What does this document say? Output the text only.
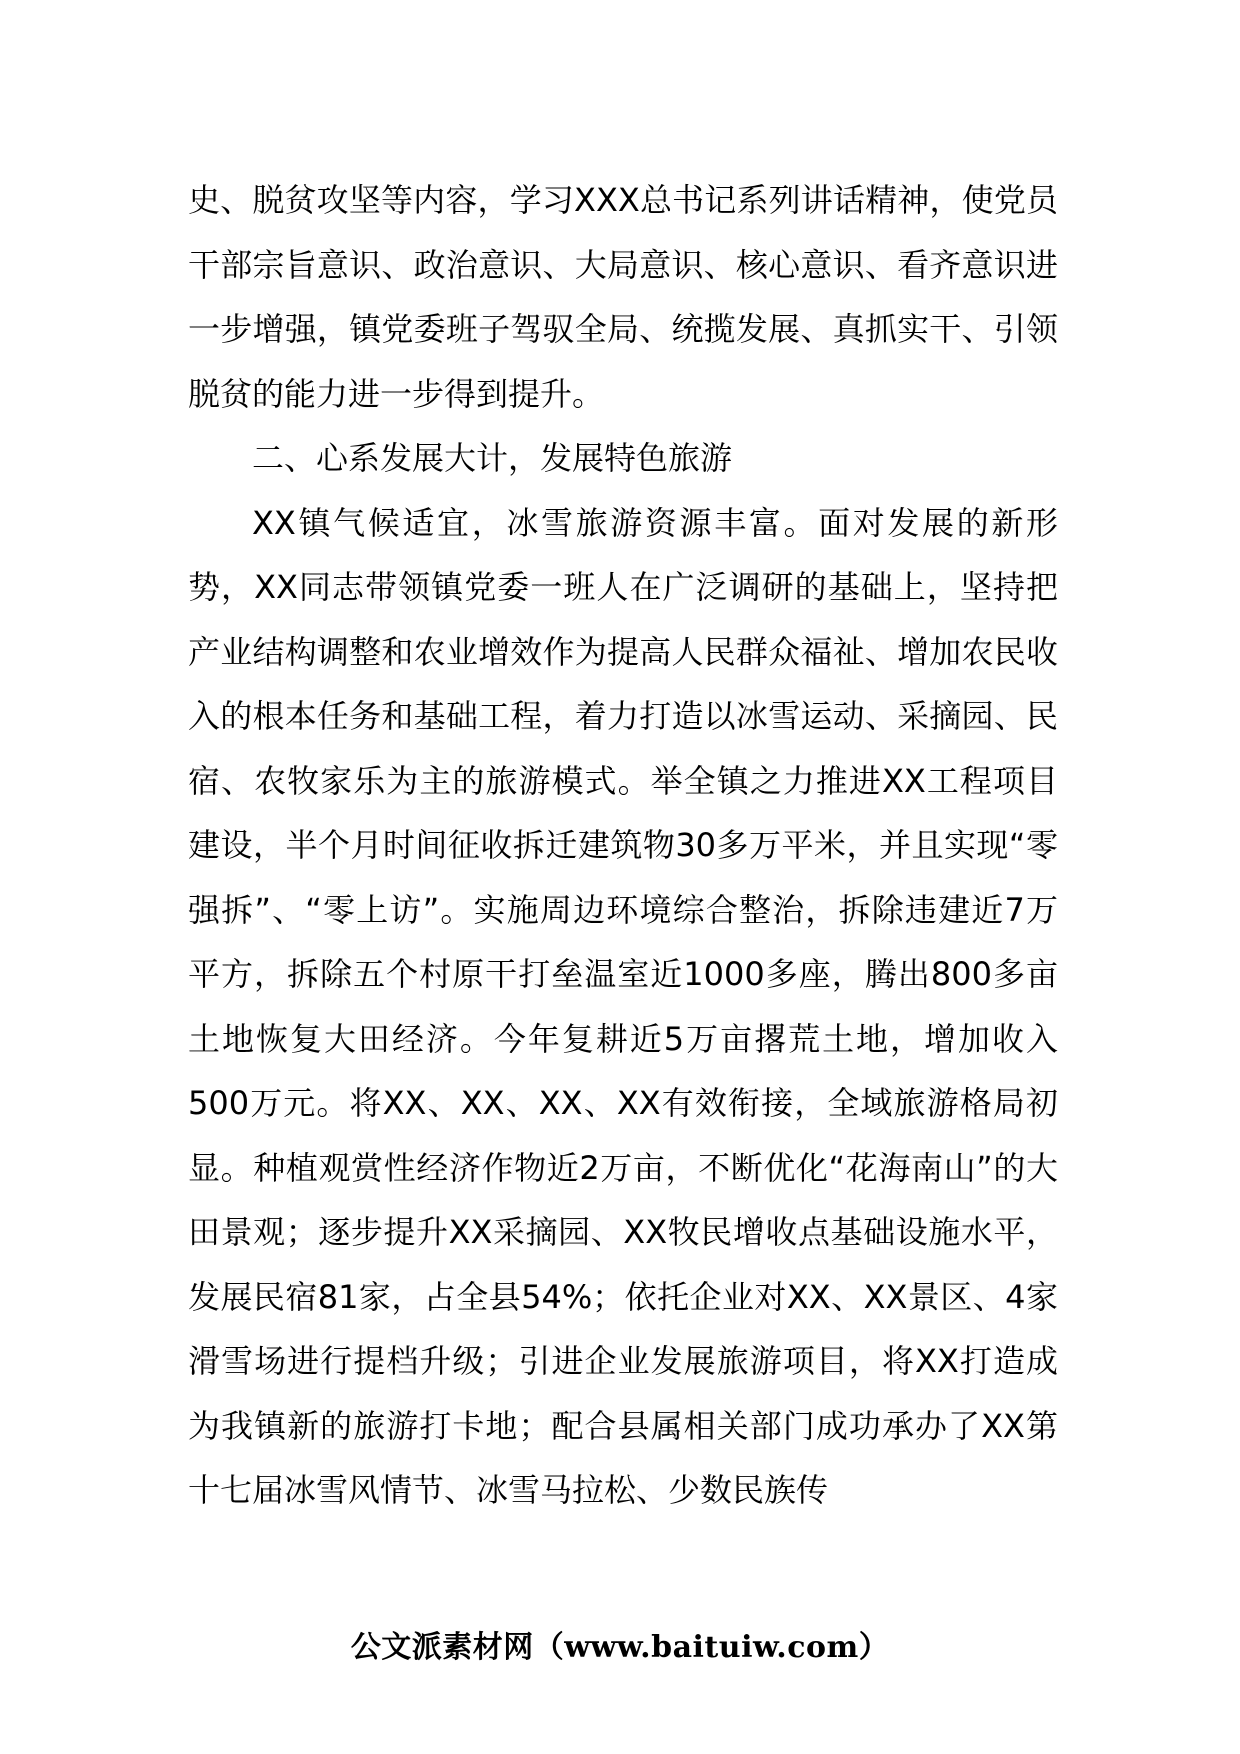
史、脱贫攻坚等内容，学习XXX总书记系列讲话精神，使党员干部宗旨意识、政治意识、大局意识、核心意识、看齐意识进一步增强，镇党委班子驾驭全局、统揽发展、真抓实干、引领脱贫的能力进一步得到提升。

二、心系发展大计，发展特色旅游

XX镇气候适宜，冰雪旅游资源丰富。面对发展的新形势，XX同志带领镇党委一班人在广泛调研的基础上，坚持把产业结构调整和农业增效作为提高人民群众福祉、增加农民收入的根本任务和基础工程，着力打造以冰雪运动、采摘园、民宿、农牧家乐为主的旅游模式。举全镇之力推进XX工程项目建设，半个月时间征收拆迁建筑物30多万平米，并且实现“零强拆”、“零上访”。实施周边环境综合整治，拆除违建近7万平方，拆除五个村原干打垒温室近1000多座，腾出800多亩土地恢复大田经济。今年复耕近5万亩撂荒土地，增加收入500万元。将XX、XX、XX、XX有效衔接，全域旅游格局初显。种植观赏性经济作物近2万亩，不断优化“花海南山”的大田景观；逐步提升XX采摘园、XX牧民增收点基础设施水平，发展民宿81家，占全县54%；依托企业对XX、XX景区、4家滑雪场进行提档升级；引进企业发展旅游项目，将XX打造成为我镇新的旅游打卡地；配合县属相关部门成功承办了XX第十七届冰雪风情节、冰雪马拉松、少数民族传

公文派素材网（www.baituiw.com）
